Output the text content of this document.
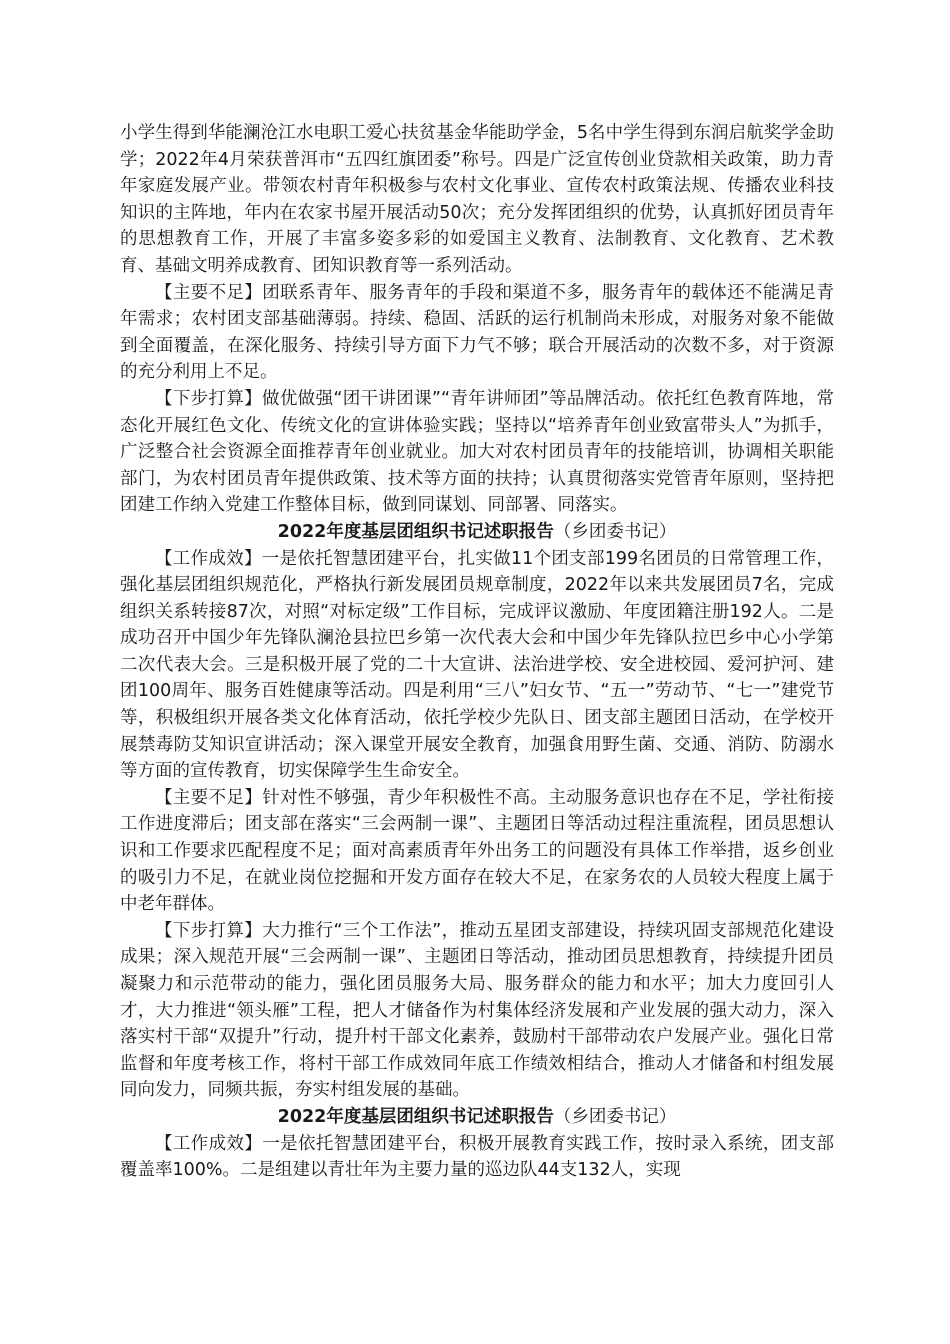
小学生得到华能澜沧江水电职工爱心扶贫基金华能助学金，5名中学生得到东润启航奖学金助学；2022年4月荣获普洱市“五四红旗团委”称号。四是广泛宣传创业贷款相关政策，助力青年家庭发展产业。带领农村青年积极参与农村文化事业、宣传农村政策法规、传播农业科技知识的主阵地，年内在农家书屋开展活动50次；充分发挥团组织的优势，认真抓好团员青年的思想教育工作，开展了丰富多姿多彩的如爱国主义教育、法制教育、文化教育、艺术教育、基础文明养成教育、团知识教育等一系列活动。

【主要不足】团联系青年、服务青年的手段和渠道不多，服务青年的载体还不能满足青年需求；农村团支部基础薄弱。持续、稳固、活跃的运行机制尚未形成，对服务对象不能做到全面覆盖，在深化服务、持续引导方面下力气不够；联合开展活动的次数不多，对于资源的充分利用上不足。

【下步打算】做优做强“团干讲团课”“青年讲师团”等品牌活动。依托红色教育阵地，常态化开展红色文化、传统文化的宣讲体验实践；坚持以“培养青年创业致富带头人”为抓手，广泛整合社会资源全面推荐青年创业就业。加大对农村团员青年的技能培训，协调相关职能部门，为农村团员青年提供政策、技术等方面的扶持；认真贯彻落实党管青年原则，坚持把团建工作纳入党建工作整体目标，做到同谋划、同部署、同落实。

2022年度基层团组织书记述职报告（乡团委书记）

【工作成效】一是依托智慧团建平台，扎实做11个团支部199名团员的日常管理工作，强化基层团组织规范化，严格执行新发展团员规章制度，2022年以来共发展团员7名，完成组织关系转接87次，对照“对标定级”工作目标，完成评议激励、年度团籍注册192人。二是成功召开中国少年先锋队澜沧县拉巴乡第一次代表大会和中国少年先锋队拉巴乡中心小学第二次代表大会。三是积极开展了党的二十大宣讲、法治进学校、安全进校园、爱河护河、建团100周年、服务百姓健康等活动。四是利用“三八”妇女节、“五一”劳动节、“七一”建党节等，积极组织开展各类文化体育活动，依托学校少先队日、团支部主题团日活动，在学校开展禁毒防艾知识宣讲活动；深入课堂开展安全教育，加强食用野生菌、交通、消防、防溺水等方面的宣传教育，切实保障学生生命安全。

【主要不足】针对性不够强，青少年积极性不高。主动服务意识也存在不足，学社衔接工作进度滞后；团支部在落实“三会两制一课”、主题团日等活动过程注重流程，团员思想认识和工作要求匹配程度不足；面对高素质青年外出务工的问题没有具体工作举措，返乡创业的吸引力不足，在就业岗位挖掘和开发方面存在较大不足，在家务农的人员较大程度上属于中老年群体。

【下步打算】大力推行“三个工作法”，推动五星团支部建设，持续巩固支部规范化建设成果；深入规范开展“三会两制一课”、主题团日等活动，推动团员思想教育，持续提升团员凝聚力和示范带动的能力，强化团员服务大局、服务群众的能力和水平；加大力度回引人才，大力推进“领头雁”工程，把人才储备作为村集体经济发展和产业发展的强大动力，深入落实村干部“双提升”行动，提升村干部文化素养，鼓励村干部带动农户发展产业。强化日常监督和年度考核工作，将村干部工作成效同年底工作绩效相结合，推动人才储备和村组发展同向发力，同频共振，夯实村组发展的基础。

2022年度基层团组织书记述职报告（乡团委书记）

【工作成效】一是依托智慧团建平台，积极开展教育实践工作，按时录入系统，团支部覆盖率100%。二是组建以青壮年为主要力量的巡边队44支132人，实现
